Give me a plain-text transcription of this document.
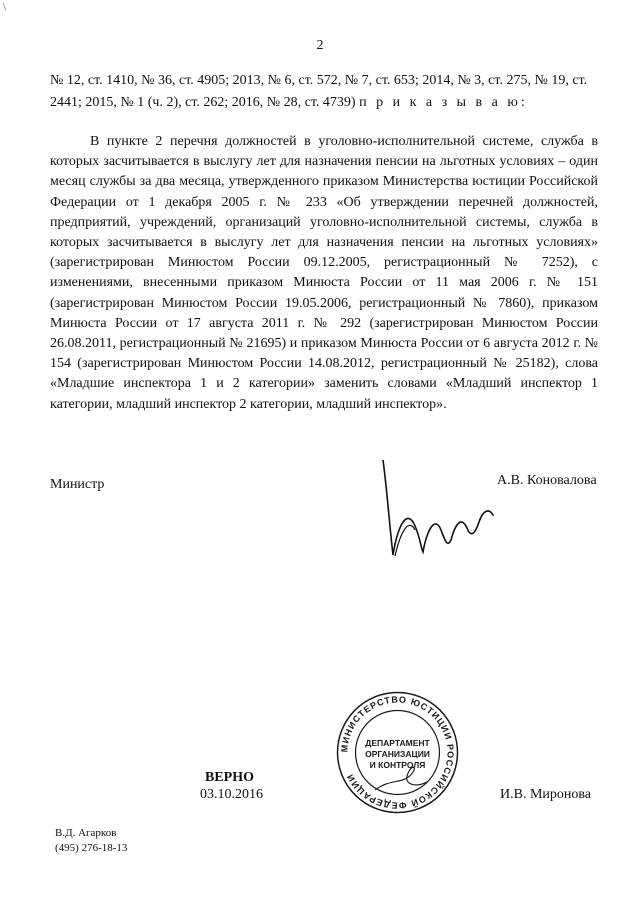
\
2
№ 12, ст. 1410, № 36, ст. 4905; 2013, № 6, ст. 572, № 7, ст. 653; 2014, № 3, ст. 275, № 19, ст. 2441; 2015, № 1 (ч. 2), ст. 262; 2016, № 28, ст. 4739) п р и к а з ы в а ю:
В пункте 2 перечня должностей в уголовно-исполнительной системе, служба в которых засчитывается в выслугу лет для назначения пенсии на льготных условиях – один месяц службы за два месяца, утвержденного приказом Министерства юстиции Российской Федерации от 1 декабря 2005 г. № 233 «Об утверждении перечней должностей, предприятий, учреждений, организаций уголовно-исполнительной системы, служба в которых засчитывается в выслугу лет для назначения пенсии на льготных условиях» (зарегистрирован Минюстом России 09.12.2005, регистрационный № 7252), с изменениями, внесенными приказом Минюста России от 11 мая 2006 г. № 151 (зарегистрирован Минюстом России 19.05.2006, регистрационный № 7860), приказом Минюста России от 17 августа 2011 г. № 292 (зарегистрирован Минюстом России 26.08.2011, регистрационный № 21695) и приказом Минюста России от 6 августа 2012 г. № 154 (зарегистрирован Минюстом России 14.08.2012, регистрационный № 25182), слова «Младшие инспектора 1 и 2 категории» заменить словами «Младший инспектор 1 категории, младший инспектор 2 категории, младший инспектор».
Министр	А.В. Коноваловa
МИНИСТЕРСТВО ЮСТИЦИИ РОССИЙСКОЙ ФЕДЕРАЦИИ
ДЕПАРТАМЕНТ
ОРГАНИЗАЦИИ
И КОНТРОЛЯ
ВЕРНО
03.10.2016	И.В. Миронова
В.Д. Агарков
(495) 276-18-13
